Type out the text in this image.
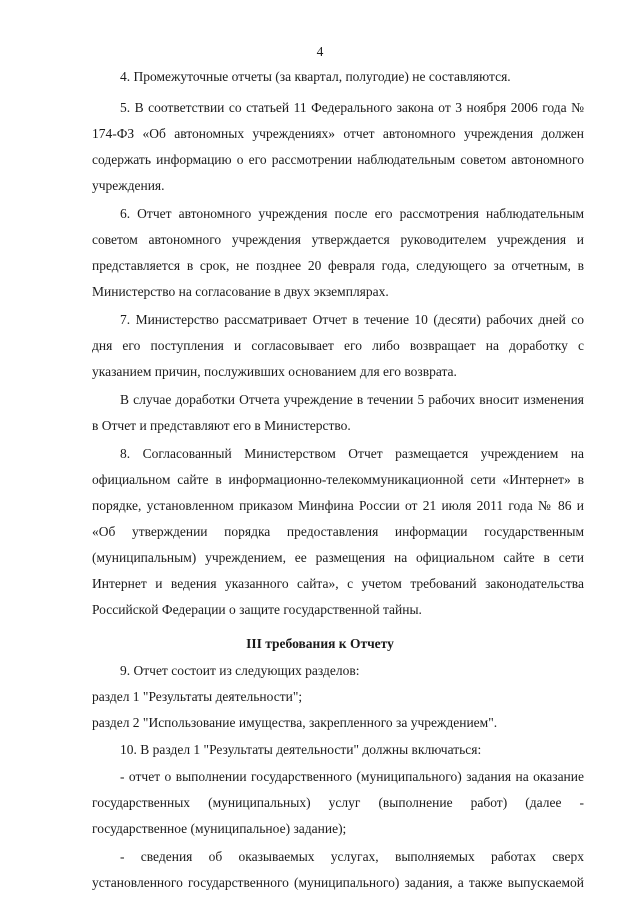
4
4. Промежуточные отчеты (за квартал, полугодие) не составляются.
5. В соответствии со статьей 11 Федерального закона от 3 ноября 2006 года №
174-ФЗ «Об автономных учреждениях» отчет автономного учреждения должен
содержать информацию о его рассмотрении наблюдательным советом автономного
учреждения.
6. Отчет автономного учреждения после его рассмотрения наблюдательным
советом автономного учреждения утверждается руководителем учреждения и
представляется в срок, не позднее 20 февраля года, следующего за отчетным, в
Министерство на согласование в двух экземплярах.
7. Министерство рассматривает Отчет в течение 10 (десяти) рабочих дней со
дня его поступления и согласовывает его либо возвращает на доработку с
указанием причин, послуживших основанием для его возврата.
В случае доработки Отчета учреждение в течении 5 рабочих вносит изменения
в Отчет и представляют его в Министерство.
8. Согласованный Министерством Отчет размещается учреждением на
официальном сайте в информационно-телекоммуникационной сети «Интернет» в
порядке, установленном приказом Минфина России от 21 июля 2011 года № 86 и
«Об утверждении порядка предоставления информации государственным
(муниципальным) учреждением, ее размещения на официальном сайте в сети
Интернет и ведения указанного сайта», с учетом требований законодательства
Российской Федерации о защите государственной тайны.
III требования к Отчету
9. Отчет состоит из следующих разделов:
раздел 1 "Результаты деятельности";
раздел 2 "Использование имущества, закрепленного за учреждением".
10. В раздел 1 "Результаты деятельности" должны включаться:
- отчет о выполнении государственного (муниципального) задания на оказание
государственных (муниципальных) услуг (выполнение работ) (далее -
государственное (муниципальное) задание);
- сведения об оказываемых услугах, выполняемых работах сверх
установленного государственного (муниципального) задания, а также выпускаемой
